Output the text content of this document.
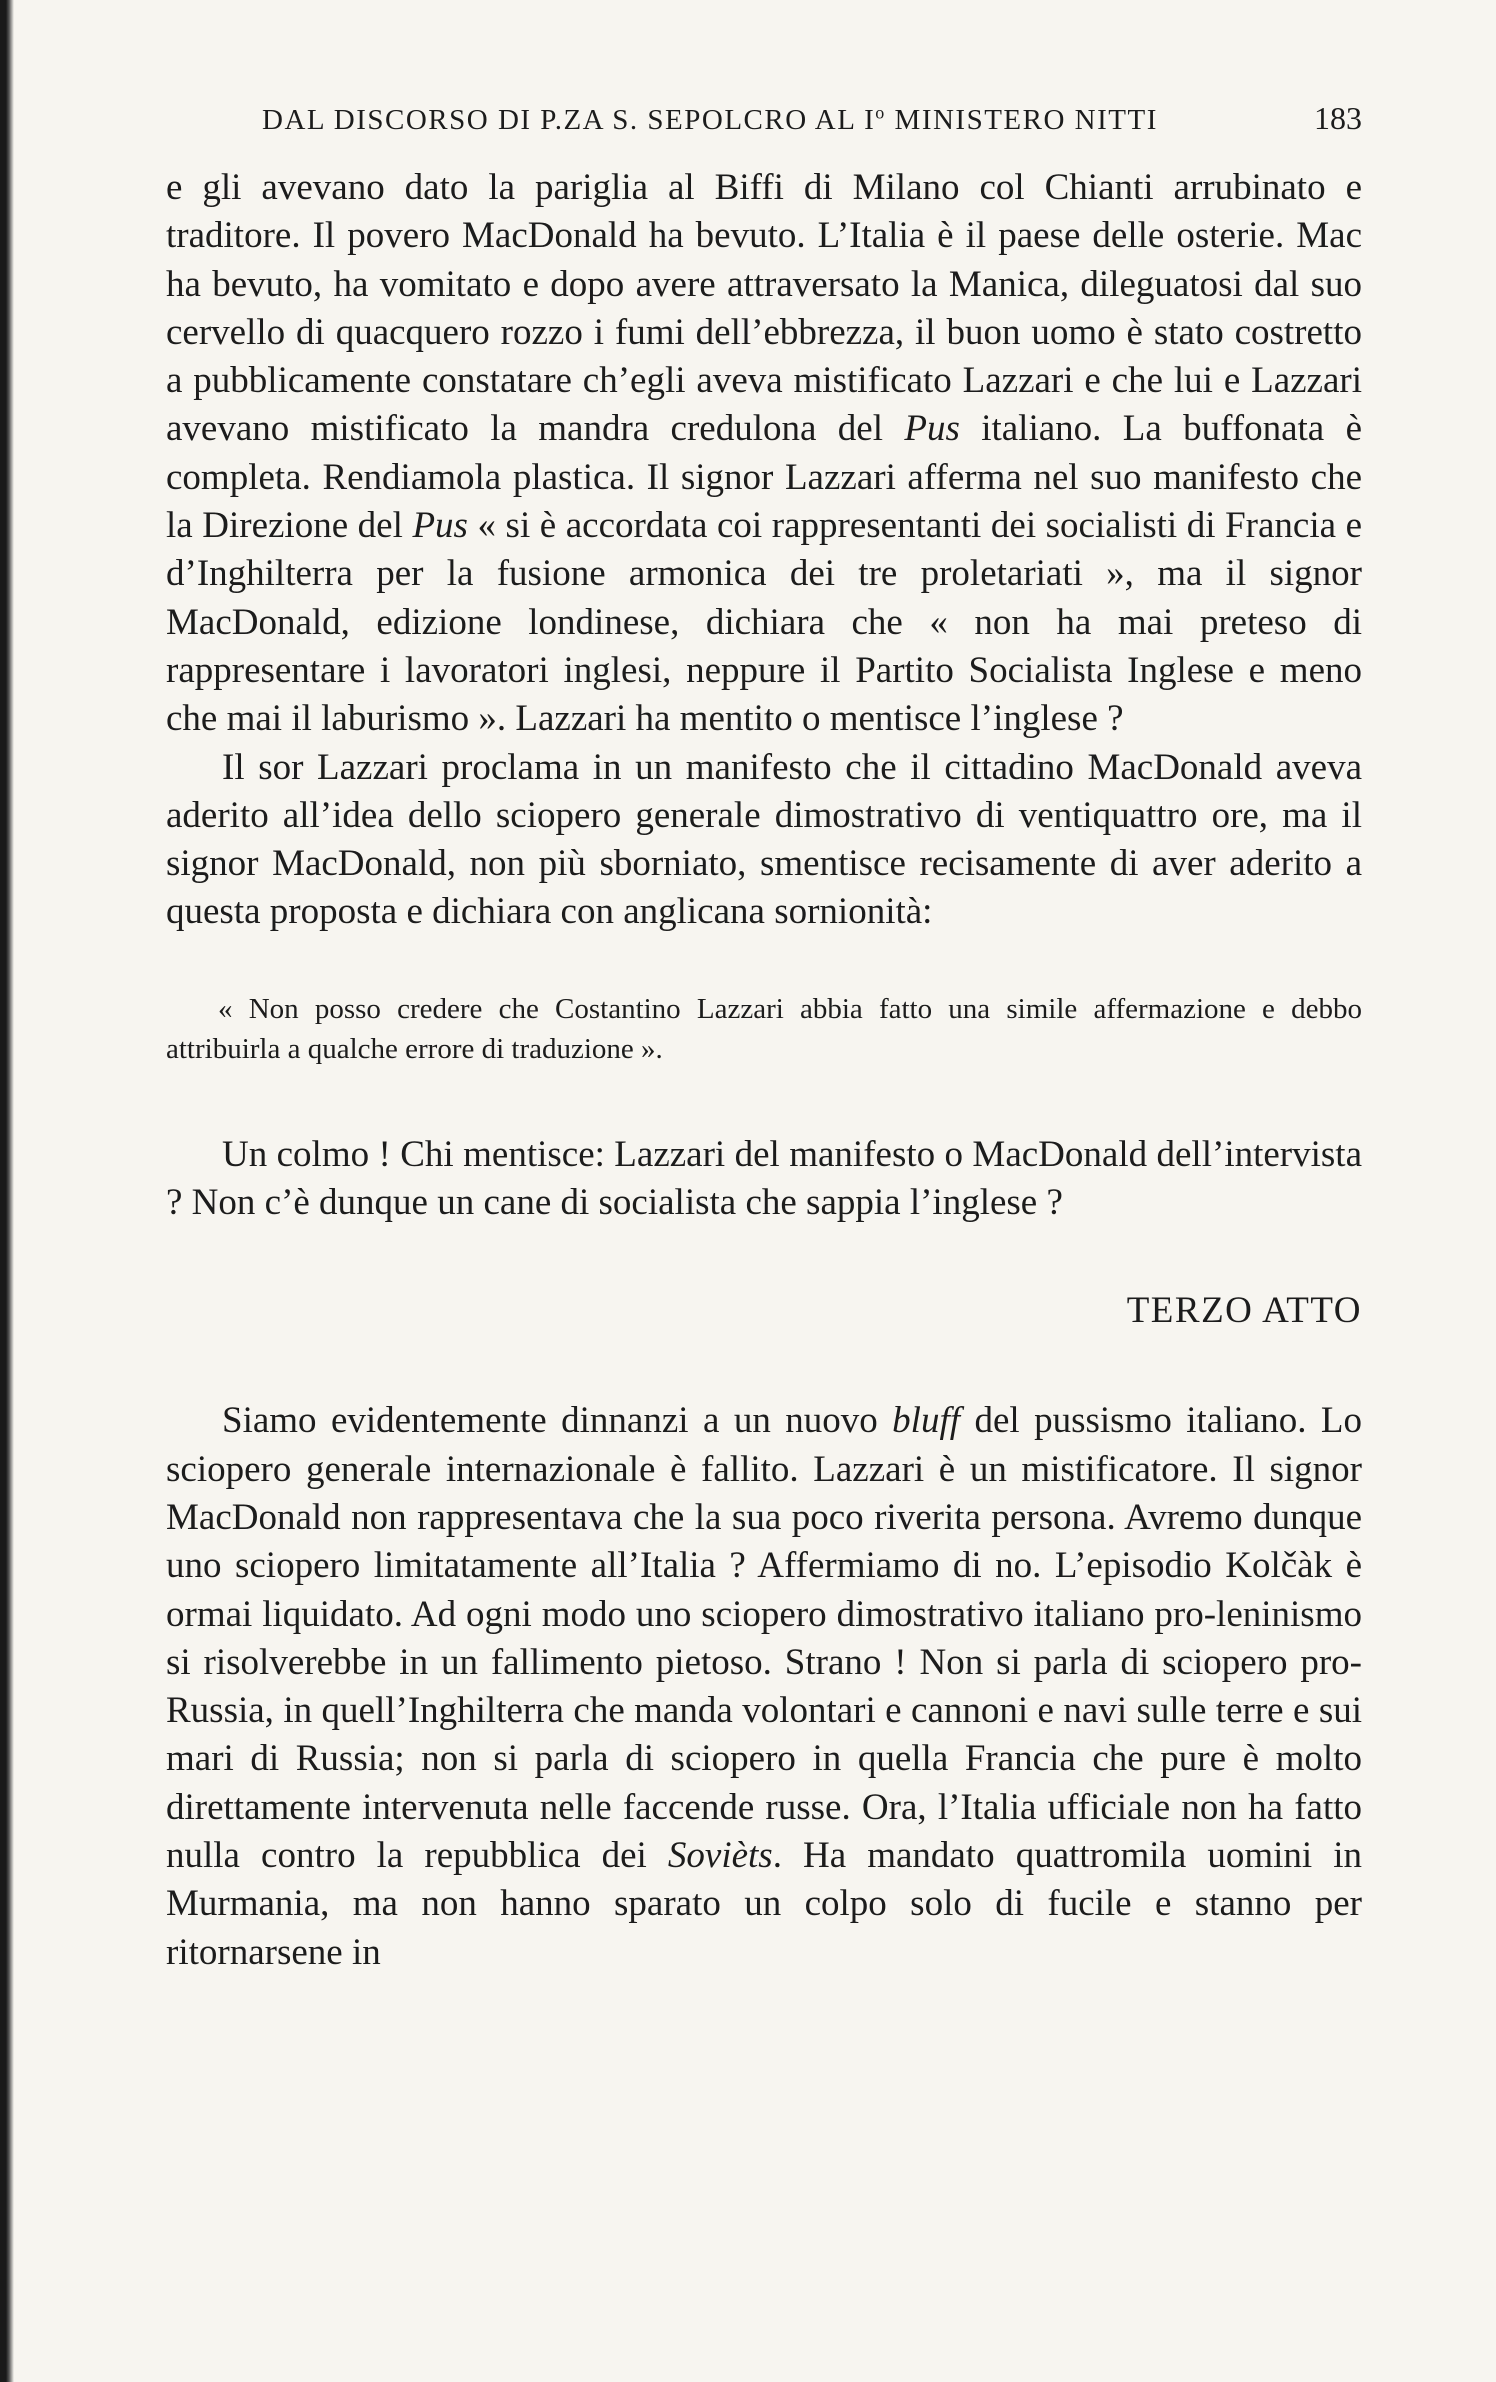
DAL DISCORSO DI P.ZA S. SEPOLCRO AL $I^o$ MINISTERO NITTI	183

e gli avevano dato la pariglia al Biffi di Milano col Chianti arrubinato e traditore. Il povero MacDonald ha bevuto. L’Italia è il paese delle osterie. Mac ha bevuto, ha vomitato e dopo avere attraversato la Manica, dileguatosi dal suo cervello di quacquero rozzo i fumi dell’ebbrezza, il buon uomo è stato costretto a pubblicamente constatare ch’egli aveva mistificato Lazzari e che lui e Lazzari avevano mistificato la mandra credulona del Pus italiano. La buffonata è completa. Rendiamola plastica. Il signor Lazzari afferma nel suo manifesto che la Direzione del Pus « si è accordata coi rappresentanti dei socialisti di Francia e d’Inghilterra per la fusione armonica dei tre proletariati », ma il signor MacDonald, edizione londinese, dichiara che « non ha mai preteso di rappresentare i lavoratori inglesi, neppure il Partito Socialista Inglese e meno che mai il laburismo ». Lazzari ha mentito o mentisce l’inglese ?

Il sor Lazzari proclama in un manifesto che il cittadino MacDonald aveva aderito all’idea dello sciopero generale dimostrativo di ventiquattro ore, ma il signor MacDonald, non più sborniato, smentisce recisamente di aver aderito a questa proposta e dichiara con anglicana sornionità:

« Non posso credere che Costantino Lazzari abbia fatto una simile affermazione e debbo attribuirla a qualche errore di traduzione ».

Un colmo ! Chi mentisce: Lazzari del manifesto o MacDonald dell’intervista ? Non c’è dunque un cane di socialista che sappia l’inglese ?

TERZO ATTO

Siamo evidentemente dinnanzi a un nuovo bluff del pussismo italiano. Lo sciopero generale internazionale è fallito. Lazzari è un mistificatore. Il signor MacDonald non rappresentava che la sua poco riverita persona. Avremo dunque uno sciopero limitatamente all’Italia ? Affermiamo di no. L’episodio Kolčàk è ormai liquidato. Ad ogni modo uno sciopero dimostrativo italiano pro-leninismo si risolverebbe in un fallimento pietoso. Strano ! Non si parla di sciopero pro-Russia, in quell’Inghilterra che manda volontari e cannoni e navi sulle terre e sui mari di Russia; non si parla di sciopero in quella Francia che pure è molto direttamente intervenuta nelle faccende russe. Ora, l’Italia ufficiale non ha fatto nulla contro la repubblica dei Sovièts. Ha mandato quattromila uomini in Murmania, ma non hanno sparato un colpo solo di fucile e stanno per ritornarsene in
